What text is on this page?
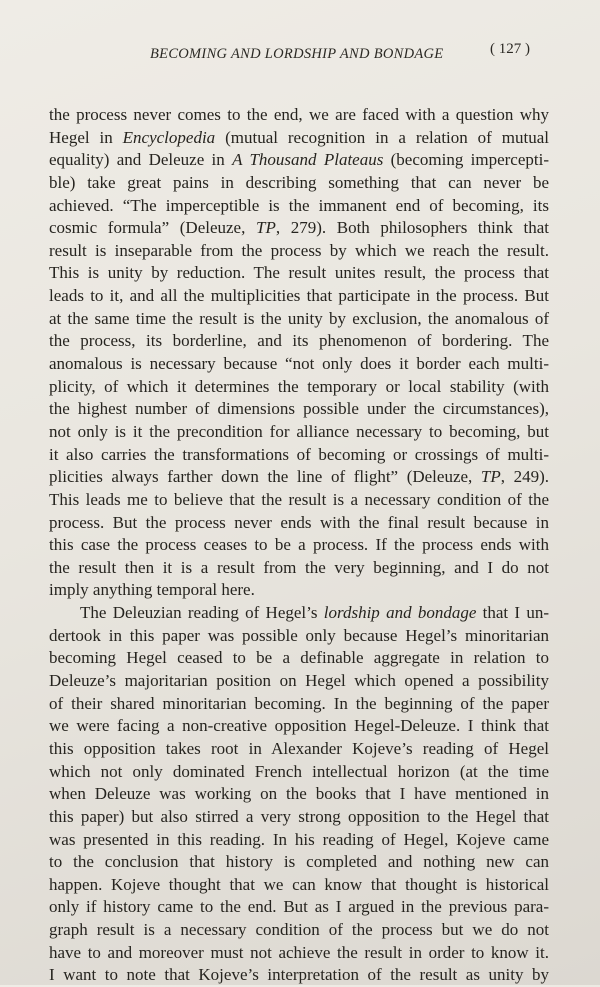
BECOMING AND LORDSHIP AND BONDAGE	( 127 )
the process never comes to the end, we are faced with a question why
Hegel in Encyclopedia (mutual recognition in a relation of mutual
equality) and Deleuze in A Thousand Plateaus (becoming impercepti-
ble) take great pains in describing something that can never be
achieved. “The imperceptible is the immanent end of becoming, its
cosmic formula” (Deleuze, TP, 279). Both philosophers think that
result is inseparable from the process by which we reach the result.
This is unity by reduction. The result unites result, the process that
leads to it, and all the multiplicities that participate in the process. But
at the same time the result is the unity by exclusion, the anomalous of
the process, its borderline, and its phenomenon of bordering. The
anomalous is necessary because “not only does it border each multi-
plicity, of which it determines the temporary or local stability (with
the highest number of dimensions possible under the circumstances),
not only is it the precondition for alliance necessary to becoming, but
it also carries the transformations of becoming or crossings of multi-
plicities always farther down the line of flight” (Deleuze, TP, 249).
This leads me to believe that the result is a necessary condition of the
process. But the process never ends with the final result because in
this case the process ceases to be a process. If the process ends with
the result then it is a result from the very beginning, and I do not
imply anything temporal here.
The Deleuzian reading of Hegel’s lordship and bondage that I un-
dertook in this paper was possible only because Hegel’s minoritarian
becoming Hegel ceased to be a definable aggregate in relation to
Deleuze’s majoritarian position on Hegel which opened a possibility
of their shared minoritarian becoming. In the beginning of the paper
we were facing a non-creative opposition Hegel-Deleuze. I think that
this opposition takes root in Alexander Kojeve’s reading of Hegel
which not only dominated French intellectual horizon (at the time
when Deleuze was working on the books that I have mentioned in
this paper) but also stirred a very strong opposition to the Hegel that
was presented in this reading. In his reading of Hegel, Kojeve came
to the conclusion that history is completed and nothing new can
happen. Kojeve thought that we can know that thought is historical
only if history came to the end. But as I argued in the previous para-
graph result is a necessary condition of the process but we do not
have to and moreover must not achieve the result in order to know it.
I want to note that Kojeve’s interpretation of the result as unity by
